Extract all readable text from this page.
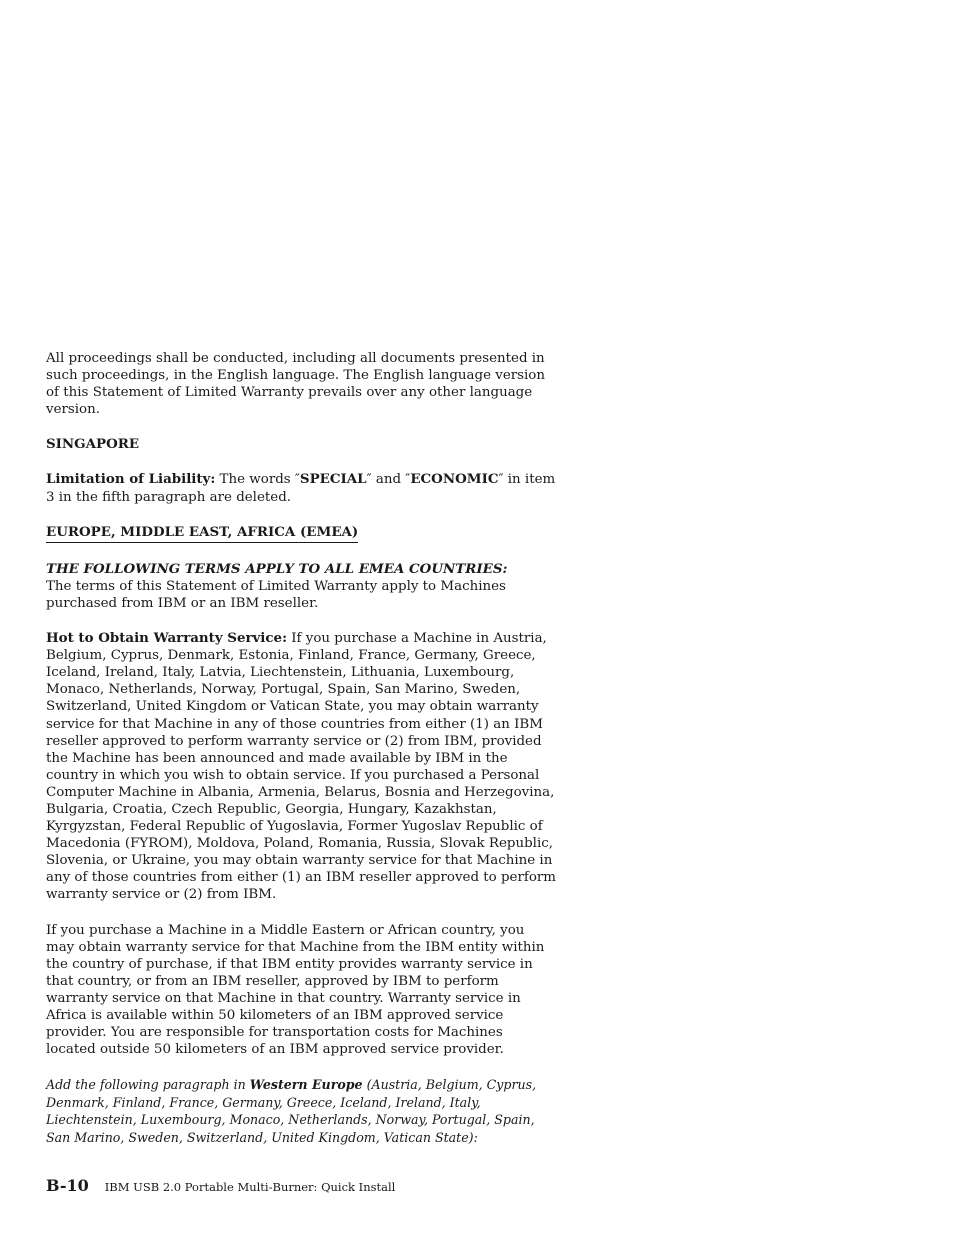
All proceedings shall be conducted, including all documents presented in such proceedings, in the English language. The English language version of this Statement of Limited Warranty prevails over any other language version.

SINGAPORE

Limitation of Liability: The words ″SPECIAL″ and ″ECONOMIC″ in item 3 in the fifth paragraph are deleted.

EUROPE, MIDDLE EAST, AFRICA (EMEA)
THE FOLLOWING TERMS APPLY TO ALL EMEA COUNTRIES:

The terms of this Statement of Limited Warranty apply to Machines purchased from IBM or an IBM reseller.

Hot to Obtain Warranty Service: If you purchase a Machine in Austria, Belgium, Cyprus, Denmark, Estonia, Finland, France, Germany, Greece, Iceland, Ireland, Italy, Latvia, Liechtenstein, Lithuania, Luxembourg, Monaco, Netherlands, Norway, Portugal, Spain, San Marino, Sweden, Switzerland, United Kingdom or Vatican State, you may obtain warranty service for that Machine in any of those countries from either (1) an IBM reseller approved to perform warranty service or (2) from IBM, provided the Machine has been announced and made available by IBM in the country in which you wish to obtain service. If you purchased a Personal Computer Machine in Albania, Armenia, Belarus, Bosnia and Herzegovina, Bulgaria, Croatia, Czech Republic, Georgia, Hungary, Kazakhstan, Kyrgyzstan, Federal Republic of Yugoslavia, Former Yugoslav Republic of Macedonia (FYROM), Moldova, Poland, Romania, Russia, Slovak Republic, Slovenia, or Ukraine, you may obtain warranty service for that Machine in any of those countries from either (1) an IBM reseller approved to perform warranty service or (2) from IBM.

If you purchase a Machine in a Middle Eastern or African country, you may obtain warranty service for that Machine from the IBM entity within the country of purchase, if that IBM entity provides warranty service in that country, or from an IBM reseller, approved by IBM to perform warranty service on that Machine in that country. Warranty service in Africa is available within 50 kilometers of an IBM approved service provider. You are responsible for transportation costs for Machines located outside 50 kilometers of an IBM approved service provider.

Add the following paragraph in Western Europe (Austria, Belgium, Cyprus, Denmark, Finland, France, Germany, Greece, Iceland, Ireland, Italy, Liechtenstein, Luxembourg, Monaco, Netherlands, Norway, Portugal, Spain, San Marino, Sweden, Switzerland, United Kingdom, Vatican State):

B-10 IBM USB 2.0 Portable Multi-Burner: Quick Install
